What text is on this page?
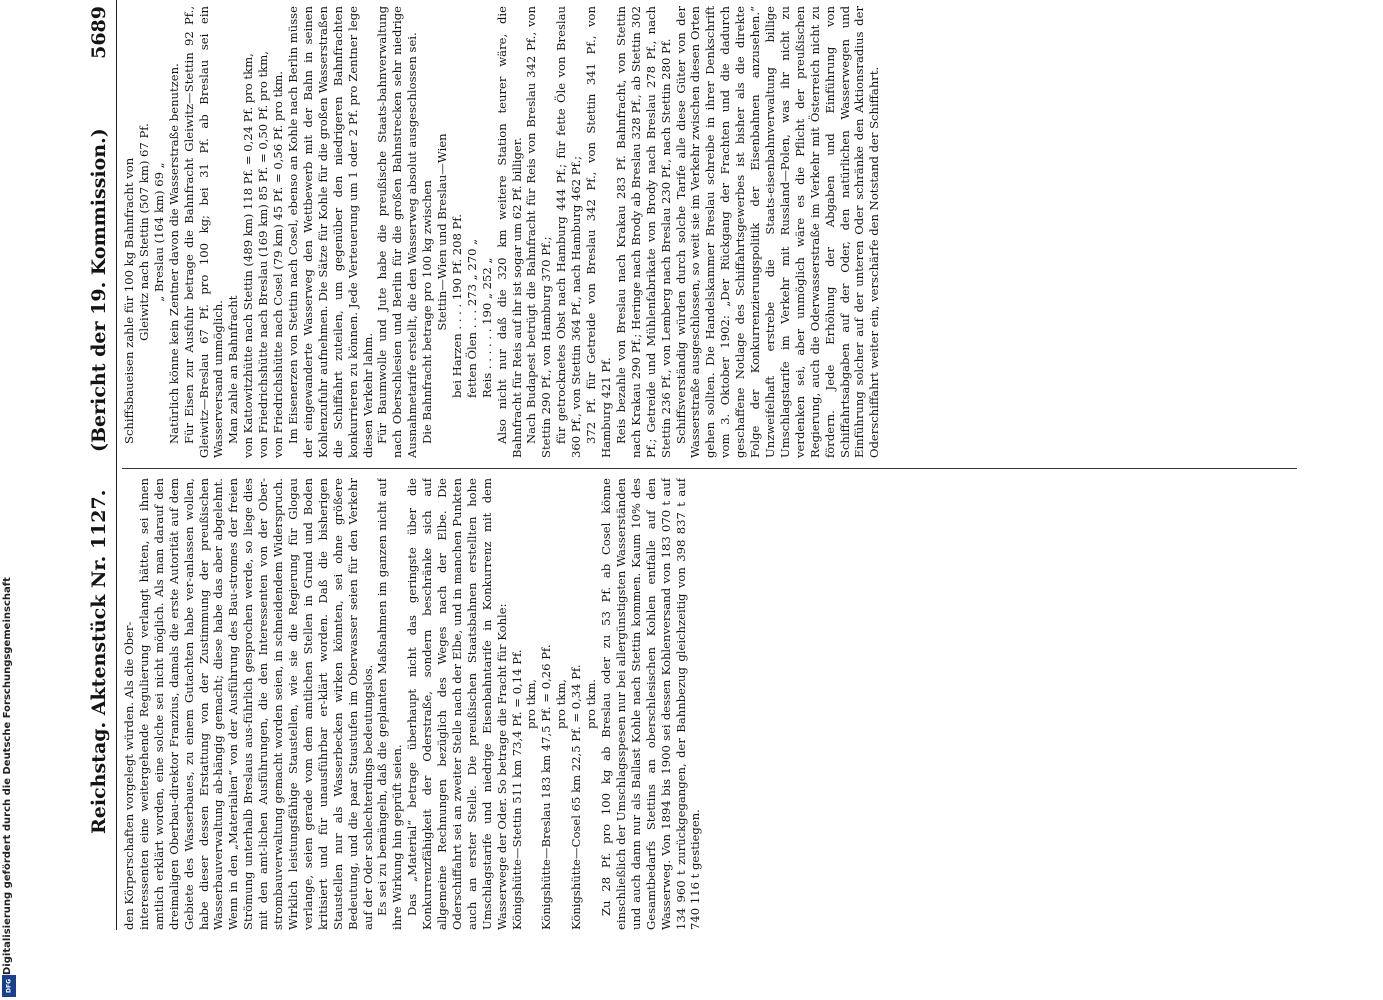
Digitalisierung gefördert durch die Deutsche Forschungsgemeinschaft
DFG
Reichstag. Aktenstück Nr. 1127.
(Bericht der 19. Kommission.)
5689

den Körperschaften vorgelegt würden. Als die Ober- interessenten eine weitergehende Regulierung verlangt hätten, sei ihnen amtlich erklärt worden, eine solche sei nicht möglich. Als man darauf den dreimaligen Oberbau-direktor Franzius, damals die erste Autorität auf dem Gebiete des Wasserbaues, zu einem Gutachten habe ver-anlassen wollen, habe dieser dessen Erstattung von der Zustimmung der preußischen Wasserbauverwaltung ab-hängig gemacht; diese habe das aber abgelehnt. Wenn in den „Materialien“ von der Ausführung des Bau-stromes der freien Strömung unterhalb Breslaus aus-führlich gesprochen werde, so liege dies mit den amt-lichen Ausführungen, die den Interessenten von der Ober-strombauverwaltung gemacht worden seien, in schneidendem Widerspruch. Wirklich leistungsfähige Staustellen, wie sie die Regierung für Glogau verlange, seien gerade vom dem amtlichen Stellen in Grund und Boden kritisiert und für unausführbar er-klärt worden. Daß die bisherigen Staustellen nur als Wasserbecken wirken könnten, sei ohne größere Bedeutung, und die paar Staustufen im Oberwasser seien für den Verkehr auf der Oder schlechterdings bedeutungslos. Es sei zu bemängeln, daß die geplanten Maßnahmen im ganzen nicht auf ihre Wirkung hin geprüft seien. Das „Material“ betrage überhaupt nicht das geringste über die Konkurrenzfähigkeit der Oderstraße, sondern beschränke sich auf allgemeine Rechnungen bezüglich des Weges nach der Elbe. Die Oderschiffahrt sei an zweiter Stelle nach der Elbe, und in manchen Punkten auch an erster Stelle. Die preußischen Staatsbahnen erstellten hohe Umschlagstarife und niedrige Eisenbahntarife in Konkurrenz mit dem Wasserwege der Oder. So betrage die Fracht für Kohle: Königshütte—Stettin 511 km 73,4 Pf. = 0,14 Pf. pro tkm, Königshütte—Breslau 183 km 47,5 Pf. = 0,26 Pf. pro tkm, Königshütte—Cosel 65 km 22,5 Pf. = 0,34 Pf. pro tkm. Zu 28 Pf. pro 100 kg ab Breslau oder zu 53 Pf. ab Cosel könne einschließlich der Umschlagsspesen nur bei allergünstigsten Wasserständen und auch dann nur als Ballast Kohle nach Stettin kommen. Kaum 10% des Gesamtbedarfs Stettins an oberschlesischen Kohlen entfalle auf den Wasserweg. Von 1894 bis 1900 sei dessen Kohlenversand von 183 070 t auf 134 960 t zurückgegangen, der Bahnbezug gleichzeitig von 398 837 t auf 740 116 t gestiegen.

Schiffsbaueisen zahle für 100 kg Bahnfracht von Gleiwitz nach Stettin (507 km) 67 Pf. „ Breslau (164 km) 69 „ Natürlich könne kein Zentner davon die Wasserstraße benutzen. Für Eisen zur Ausfuhr betrage die Bahnfracht Gleiwitz—Stettin 92 Pf., Gleiwitz—Breslau 67 Pf. pro 100 kg; bei 31 Pf. ab Breslau sei ein Wasserversand unmöglich. Man zahle an Bahnfracht von Kattowitzhütte nach Stettin (489 km) 118 Pf. = 0,24 Pf. pro tkm, von Friedrichshütte nach Breslau (169 km) 85 Pf. = 0,50 Pf. pro tkm, von Friedrichshütte nach Cosel (79 km) 45 Pf. = 0,56 Pf. pro tkm. Im Eisenerzen von Stettin nach Cosel, ebenso an Kohle nach Berlin müsse der eingewanderte Wasserweg den Wettbewerb mit der Bahn in seinen Kohlenzufuhr aufnehmen. Die Sätze für Kohle für die großen Wasserstraßen die Schiffahrt zuteilen, um gegenüber den niedrigeren Bahnfrachten konkurrieren zu können. Jede Verteuerung um 1 oder 2 Pf. pro Zentner lege diesen Verkehr lahm. Für Baumwolle und Jute habe die preußische Staats-bahnverwaltung nach Oberschlesien und Berlin für die großen Bahnstrecken sehr niedrige Ausnahmetarife erstellt, die den Wasserweg absolut ausgeschlossen sei. Die Bahnfracht betrage pro 100 kg zwischen Stettin—Wien und Breslau—Wien bei Harzen . . . . 190 Pf. 208 Pf. fetten Ölen . . . 273 „ 270 „ Reis . . . . . . 190 „ 252 „ Also nicht nur daß die 320 km weitere Station teurer wäre, die Bahnfracht für Reis auf ihr ist sogar um 62 Pf. billiger. Nach Budapest betrügt die Bahnfracht für Reis von Breslau 342 Pf., von Stettin 290 Pf., von Hamburg 370 Pf.; für getrocknetes Obst nach Hamburg 444 Pf.; für fette Öle von Breslau 360 Pf., von Stettin 364 Pf., nach Hamburg 462 Pf.; 372 Pf. für Getreide von Breslau 342 Pf., von Stettin 341 Pf., von Hamburg 421 Pf. Reis bezahle von Breslau nach Krakau 283 Pf. Bahnfracht, von Stettin nach Krakau 290 Pf.; Heringe nach Brody ab Breslau 328 Pf., ab Stettin 302 Pf.; Getreide und Mühlenfabrikate von Brody nach Breslau 278 Pf., nach Stettin 236 Pf., von Lemberg nach Breslau 230 Pf., nach Stettin 280 Pf. Schiffsverständig würden durch solche Tarife alle diese Güter von der Wasserstraße ausgeschlossen, so weit sie im Verkehr zwischen diesen Orten gehen sollten. Die Handelskammer Breslau schreibe in ihrer Denkschrift vom 3. Oktober 1902: „Der Rückgang der Frachten und die dadurch geschaffene Notlage des Schiffahrtsgewerbes ist bisher als die direkte Folge der Konkurrenzierungspolitik der Eisenbahnen anzusehen.“ Unzweifelhaft erstrebe die Staats-eisenbahnverwaltung billige Umschlagstarife im Verkehr mit Russland—Polen, was ihr nicht zu verdenken sei, aber unmöglich wäre es die Pflicht der preußischen Regierung, auch die Oderwasserstraße im Verkehr mit Österreich nicht zu fördern. Jede Erhöhung der Abgaben und Einführung von Schiffahrtsabgaben auf der Oder, den natürlichen Wasserwegen und Einführung solcher auf der unteren Oder schränke den Aktionsradius der Oderschiffahrt weiter ein, verschärfe den Notstand der Schiffahrt.
